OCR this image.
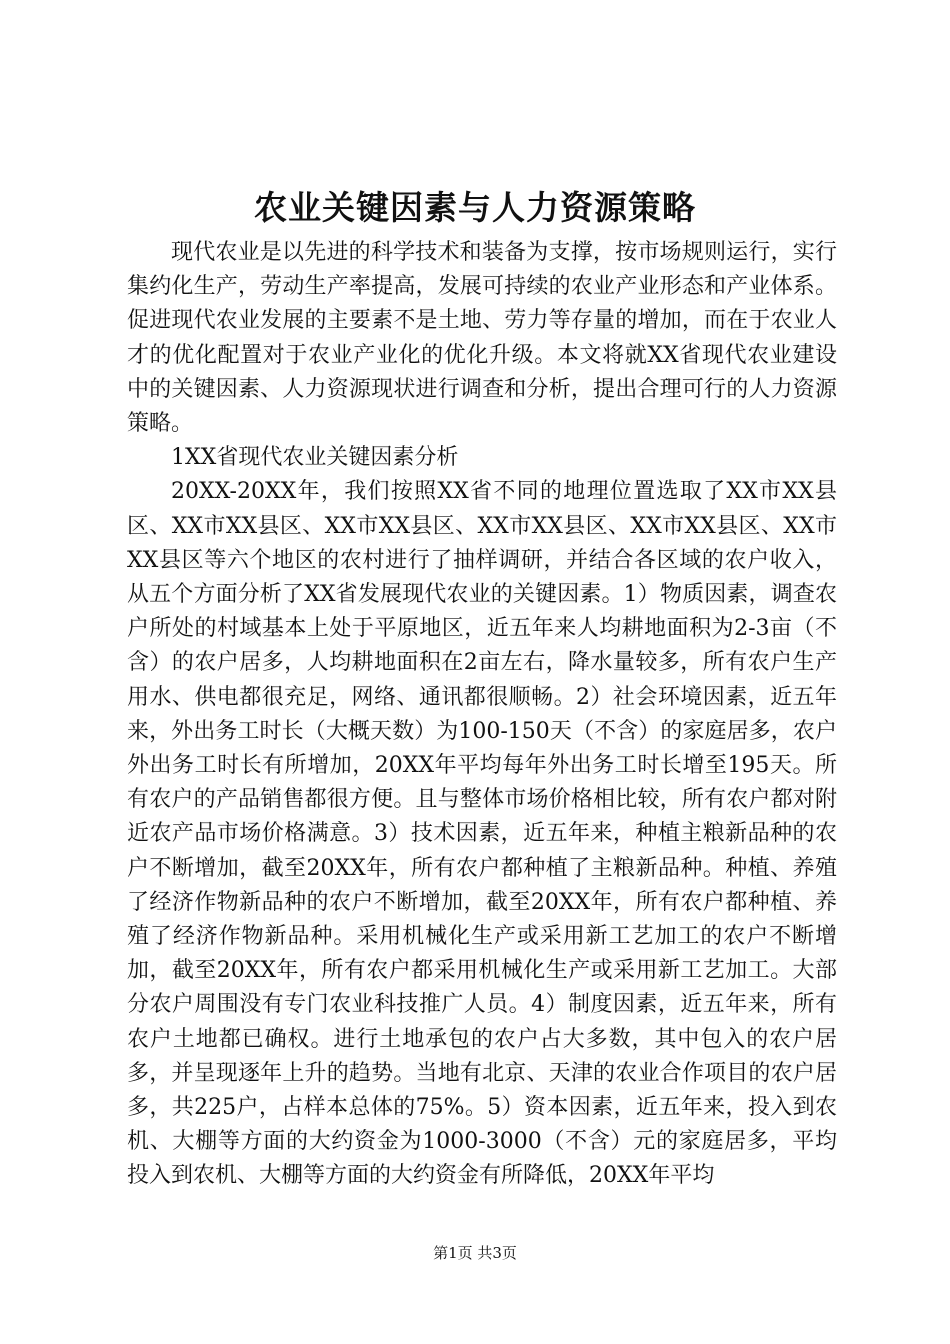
农业关键因素与人力资源策略

现代农业是以先进的科学技术和装备为支撑，按市场规则运行，实行集约化生产，劳动生产率提高，发展可持续的农业产业形态和产业体系。促进现代农业发展的主要素不是土地、劳力等存量的增加，而在于农业人才的优化配置对于农业产业化的优化升级。本文将就XX省现代农业建设中的关键因素、人力资源现状进行调查和分析，提出合理可行的人力资源策略。

1XX省现代农业关键因素分析

20XX-20XX年，我们按照XX省不同的地理位置选取了XX市XX县区、XX市XX县区、XX市XX县区、XX市XX县区、XX市XX县区、XX市XX县区等六个地区的农村进行了抽样调研，并结合各区域的农户收入，从五个方面分析了XX省发展现代农业的关键因素。1）物质因素，调查农户所处的村域基本上处于平原地区，近五年来人均耕地面积为2-3亩（不含）的农户居多，人均耕地面积在2亩左右，降水量较多，所有农户生产用水、供电都很充足，网络、通讯都很顺畅。2）社会环境因素，近五年来，外出务工时长（大概天数）为100-150天（不含）的家庭居多，农户外出务工时长有所增加，20XX年平均每年外出务工时长增至195天。所有农户的产品销售都很方便。且与整体市场价格相比较，所有农户都对附近农产品市场价格满意。3）技术因素，近五年来，种植主粮新品种的农户不断增加，截至20XX年，所有农户都种植了主粮新品种。种植、养殖了经济作物新品种的农户不断增加，截至20XX年，所有农户都种植、养殖了经济作物新品种。采用机械化生产或采用新工艺加工的农户不断增加，截至20XX年，所有农户都采用机械化生产或采用新工艺加工。大部分农户周围没有专门农业科技推广人员。4）制度因素，近五年来，所有农户土地都已确权。进行土地承包的农户占大多数，其中包入的农户居多，并呈现逐年上升的趋势。当地有北京、天津的农业合作项目的农户居多，共225户，占样本总体的75%。5）资本因素，近五年来，投入到农机、大棚等方面的大约资金为1000-3000（不含）元的家庭居多，平均投入到农机、大棚等方面的大约资金有所降低，20XX年平均

第1页 共3页
